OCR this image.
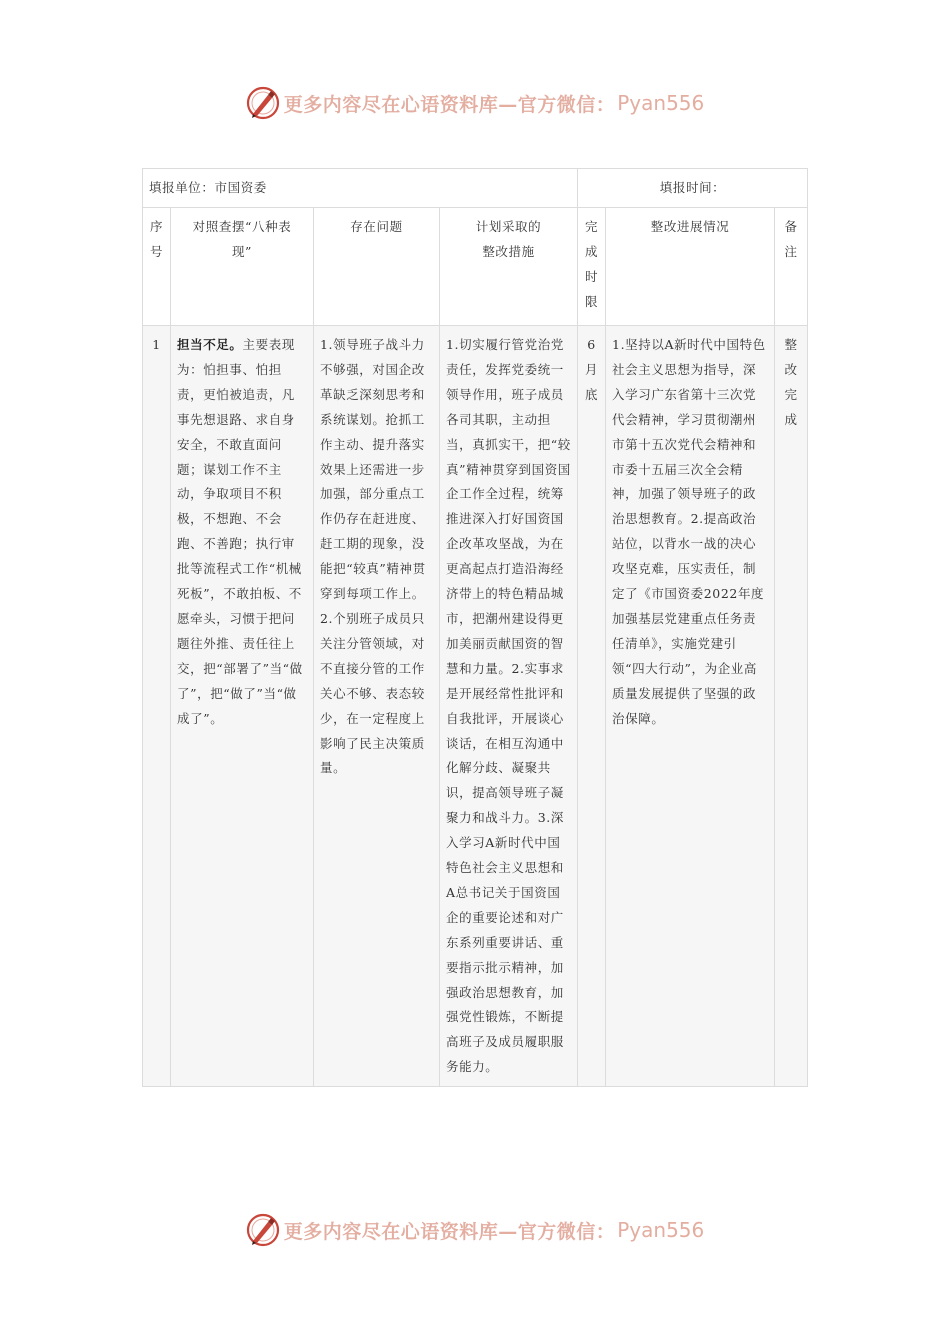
更多内容尽在心语资料库—官方微信： Pyan556
填报单位：市国资委				填报时间：		
序号	对照查摆“八种表现”	存在问题	计划采取的整改措施	完成时限	整改进展情况	备注
1	担当不足。主要表现为：怕担事、怕担责，更怕被追责，凡事先想退路、求自身安全，不敢直面问题；谋划工作不主动，争取项目不积极，不想跑、不会跑、不善跑；执行审批等流程式工作“机械死板”，不敢拍板、不愿牵头，习惯于把问题往外推、责任往上交，把“部署了”当“做了”，把“做了”当“做成了”。	1.领导班子战斗力不够强，对国企改革缺乏深刻思考和系统谋划。抢抓工作主动、提升落实效果上还需进一步加强，部分重点工作仍存在赶进度、赶工期的现象，没能把“较真”精神贯穿到每项工作上。2.个别班子成员只关注分管领域，对不直接分管的工作关心不够、表态较少，在一定程度上影响了民主决策质量。	1.切实履行管党治党责任，发挥党委统一领导作用，班子成员各司其职，主动担当，真抓实干，把“较真”精神贯穿到国资国企工作全过程，统筹推进深入打好国资国企改革攻坚战，为在更高起点打造沿海经济带上的特色精品城市，把潮州建设得更加美丽贡献国资的智慧和力量。2.实事求是开展经常性批评和自我批评，开展谈心谈话，在相互沟通中化解分歧、凝聚共识，提高领导班子凝聚力和战斗力。3.深入学习A新时代中国特色社会主义思想和A总书记关于国资国企的重要论述和对广东系列重要讲话、重要指示批示精神，加强政治思想教育，加强党性锻炼，不断提高班子及成员履职服务能力。	6月底	1.坚持以A新时代中国特色社会主义思想为指导，深入学习广东省第十三次党代会精神，学习贯彻潮州市第十五次党代会精神和市委十五届三次全会精神，加强了领导班子的政治思想教育。2.提高政治站位，以背水一战的决心攻坚克难，压实责任，制定了《市国资委2022年度加强基层党建重点任务责任清单》，实施党建引领“四大行动”，为企业高质量发展提供了坚强的政治保障。	整改完成
更多内容尽在心语资料库—官方微信： Pyan556
